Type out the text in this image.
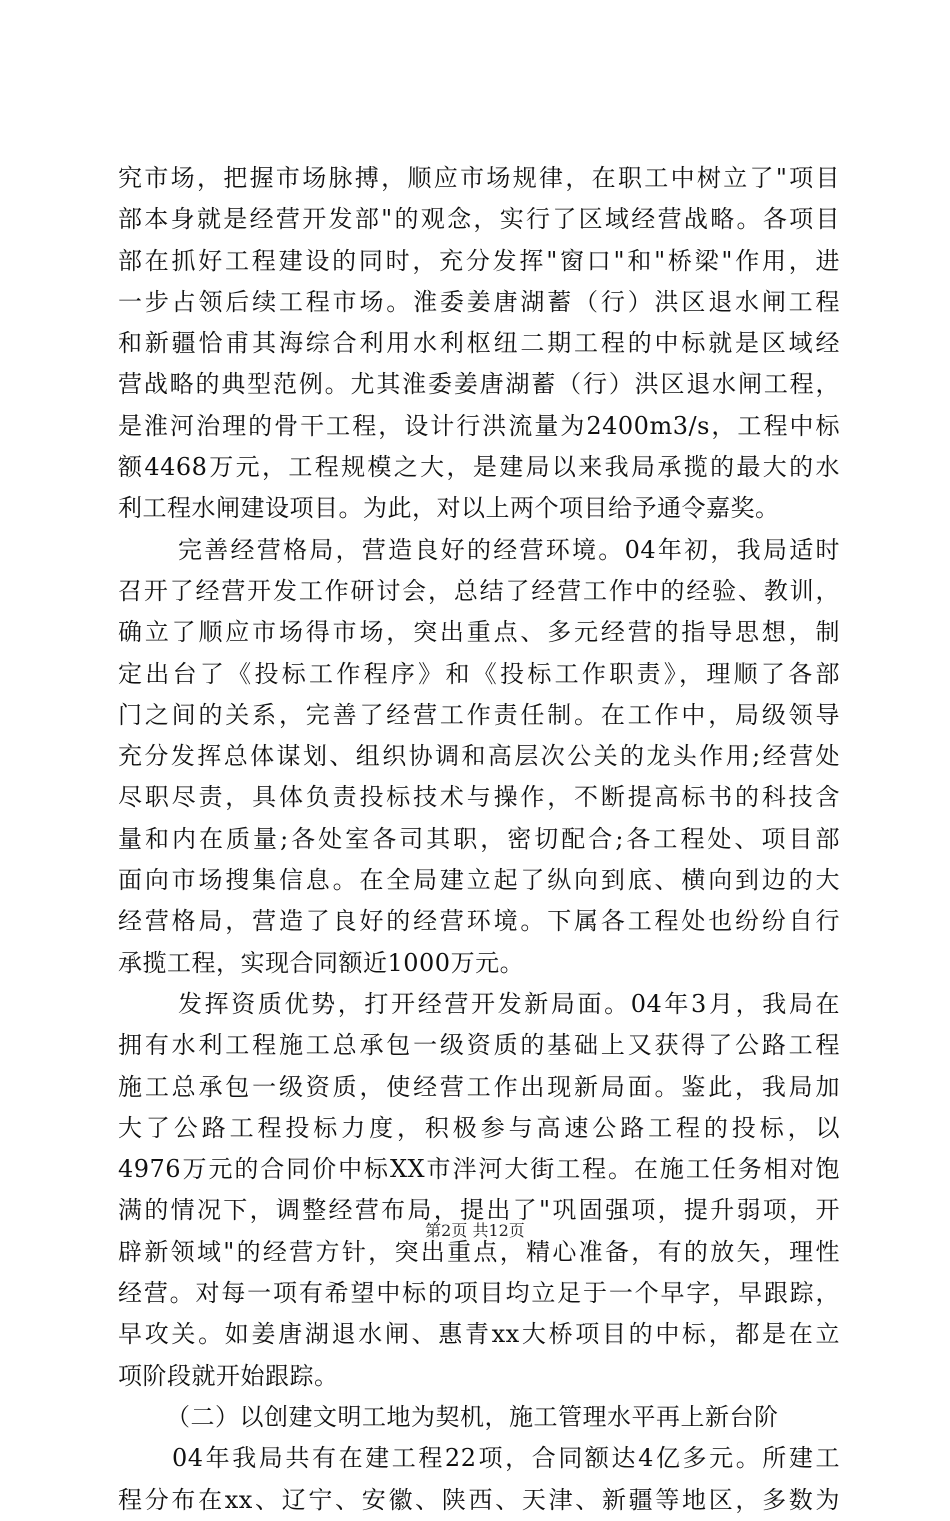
究市场，把握市场脉搏，顺应市场规律，在职工中树立了"项目
部本身就是经营开发部"的观念，实行了区域经营战略。各项目
部在抓好工程建设的同时，充分发挥"窗口"和"桥梁"作用，进
一步占领后续工程市场。淮委姜唐湖蓄（行）洪区退水闸工程
和新疆恰甫其海综合利用水利枢纽二期工程的中标就是区域经
营战略的典型范例。尤其淮委姜唐湖蓄（行）洪区退水闸工程，
是淮河治理的骨干工程，设计行洪流量为2400m3/s，工程中标
额4468万元，工程规模之大，是建局以来我局承揽的最大的水
利工程水闸建设项目。为此，对以上两个项目给予通令嘉奖。
完善经营格局，营造良好的经营环境。04年初，我局适时
召开了经营开发工作研讨会，总结了经营工作中的经验、教训，
确立了顺应市场得市场，突出重点、多元经营的指导思想，制
定出台了《投标工作程序》和《投标工作职责》，理顺了各部
门之间的关系，完善了经营工作责任制。在工作中，局级领导
充分发挥总体谋划、组织协调和高层次公关的龙头作用;经营处
尽职尽责，具体负责投标技术与操作，不断提高标书的科技含
量和内在质量;各处室各司其职，密切配合;各工程处、项目部
面向市场搜集信息。在全局建立起了纵向到底、横向到边的大
经营格局，营造了良好的经营环境。下属各工程处也纷纷自行
承揽工程，实现合同额近1000万元。
发挥资质优势，打开经营开发新局面。04年3月，我局在
拥有水利工程施工总承包一级资质的基础上又获得了公路工程
施工总承包一级资质，使经营工作出现新局面。鉴此，我局加
大了公路工程投标力度，积极参与高速公路工程的投标，以
4976万元的合同价中标XX市泮河大街工程。在施工任务相对饱
满的情况下，调整经营布局，提出了"巩固强项，提升弱项，开
辟新领域"的经营方针，突出重点，精心准备，有的放矢，理性
经营。对每一项有希望中标的项目均立足于一个早字，早跟踪，
早攻关。如姜唐湖退水闸、惠青xx大桥项目的中标，都是在立
项阶段就开始跟踪。
（二）以创建文明工地为契机，施工管理水平再上新台阶
04年我局共有在建工程22项，合同额达4亿多元。所建工
程分布在xx、辽宁、安徽、陕西、天津、新疆等地区，多数为
第2页 共12页
